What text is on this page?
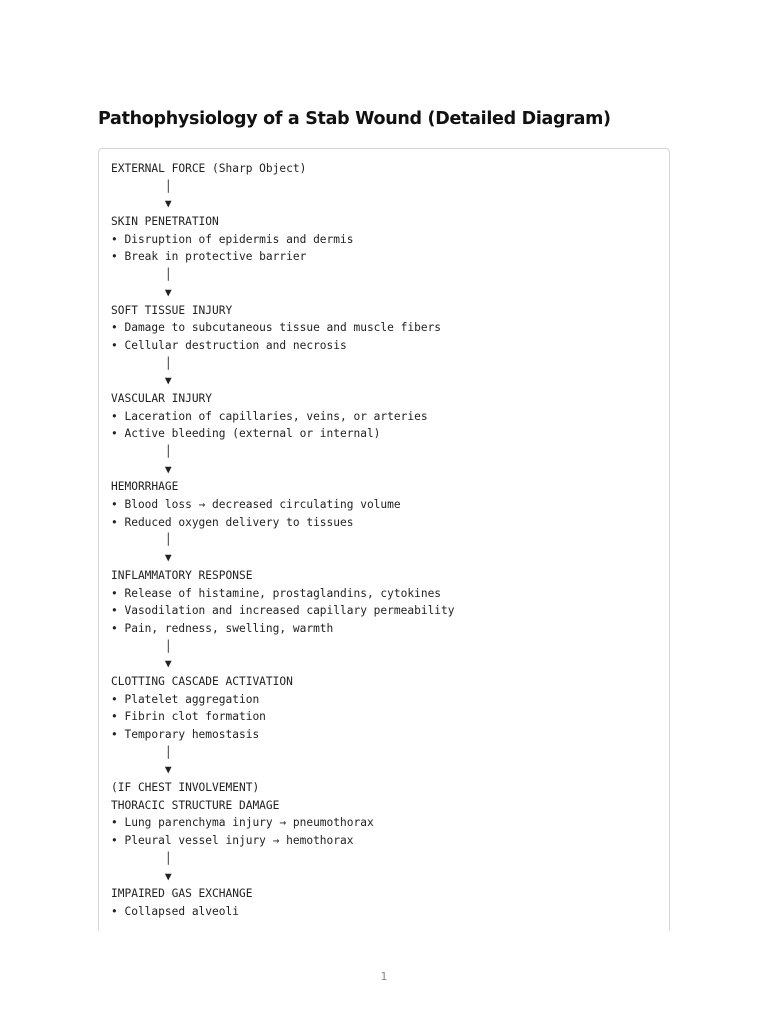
Pathophysiology of a Stab Wound (Detailed Diagram)
EXTERNAL FORCE (Sharp Object)
│
▼
SKIN PENETRATION
• Disruption of epidermis and dermis
• Break in protective barrier
│
▼
SOFT TISSUE INJURY
• Damage to subcutaneous tissue and muscle fibers
• Cellular destruction and necrosis
│
▼
VASCULAR INJURY
• Laceration of capillaries, veins, or arteries
• Active bleeding (external or internal)
│
▼
HEMORRHAGE
• Blood loss → decreased circulating volume
• Reduced oxygen delivery to tissues
│
▼
INFLAMMATORY RESPONSE
• Release of histamine, prostaglandins, cytokines
• Vasodilation and increased capillary permeability
• Pain, redness, swelling, warmth
│
▼
CLOTTING CASCADE ACTIVATION
• Platelet aggregation
• Fibrin clot formation
• Temporary hemostasis
│
▼
(IF CHEST INVOLVEMENT)
THORACIC STRUCTURE DAMAGE
• Lung parenchyma injury → pneumothorax
• Pleural vessel injury → hemothorax
│
▼
IMPAIRED GAS EXCHANGE
• Collapsed alveoli
1
